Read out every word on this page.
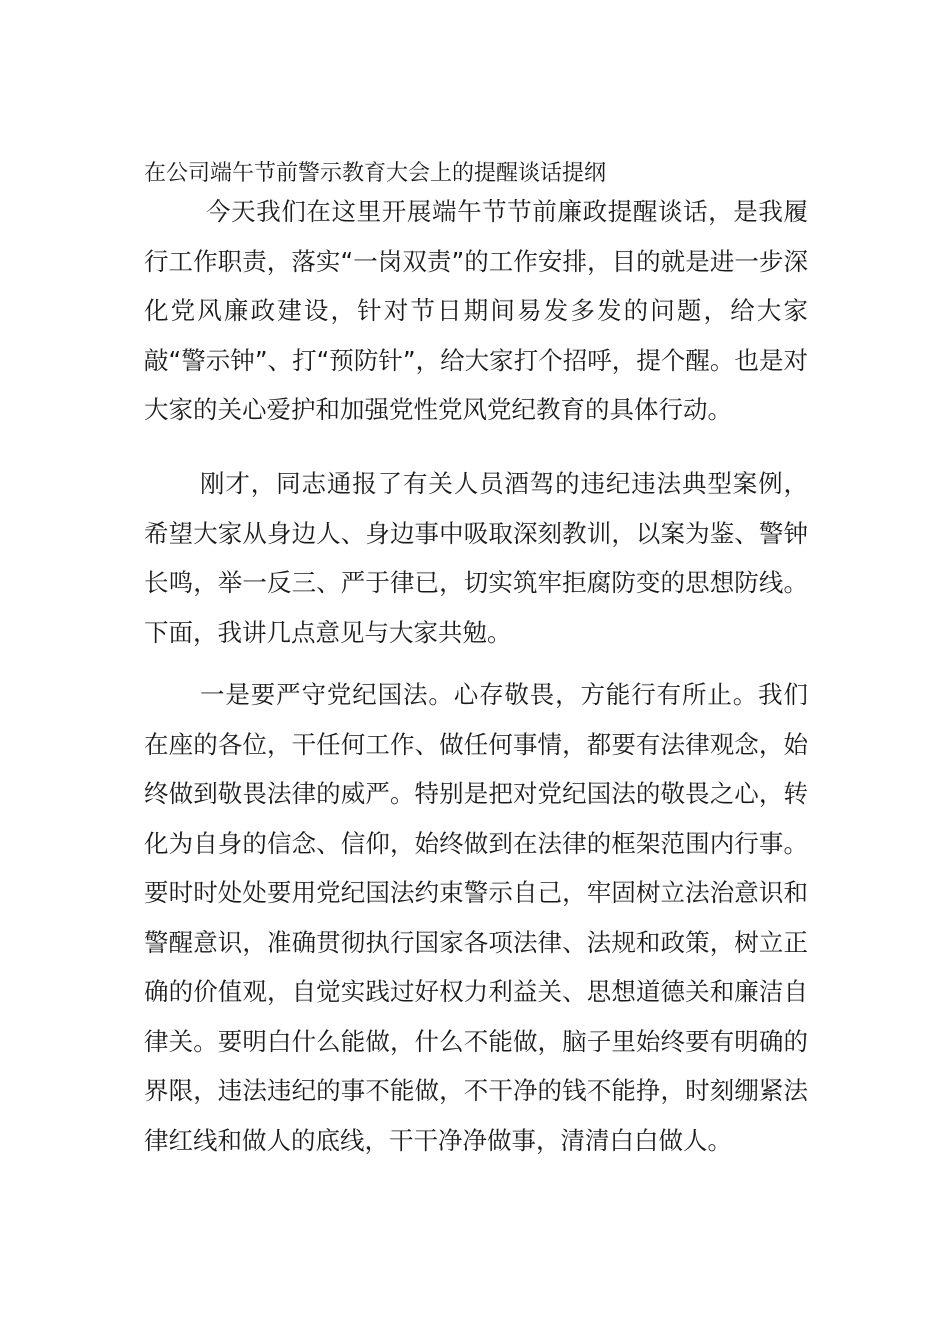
在公司端午节前警示教育大会上的提醒谈话提纲
今天我们在这里开展端午节节前廉政提醒谈话，是我履行工作职责，落实“一岗双责”的工作安排，目的就是进一步深化党风廉政建设，针对节日期间易发多发的问题，给大家敲“警示钟”、打“预防针”，给大家打个招呼，提个醒。也是对大家的关心爱护和加强党性党风党纪教育的具体行动。
刚才，同志通报了有关人员酒驾的违纪违法典型案例，希望大家从身边人、身边事中吸取深刻教训，以案为鉴、警钟长鸣，举一反三、严于律已，切实筑牢拒腐防变的思想防线。下面，我讲几点意见与大家共勉。
一是要严守党纪国法。心存敬畏，方能行有所止。我们在座的各位，干任何工作、做任何事情，都要有法律观念，始终做到敬畏法律的威严。特别是把对党纪国法的敬畏之心，转化为自身的信念、信仰，始终做到在法律的框架范围内行事。要时时处处要用党纪国法约束警示自己，牢固树立法治意识和警醒意识，准确贯彻执行国家各项法律、法规和政策，树立正确的价值观，自觉实践过好权力利益关、思想道德关和廉洁自律关。要明白什么能做，什么不能做，脑子里始终要有明确的界限，违法违纪的事不能做，不干净的钱不能挣，时刻绷紧法律红线和做人的底线，干干净净做事，清清白白做人。
